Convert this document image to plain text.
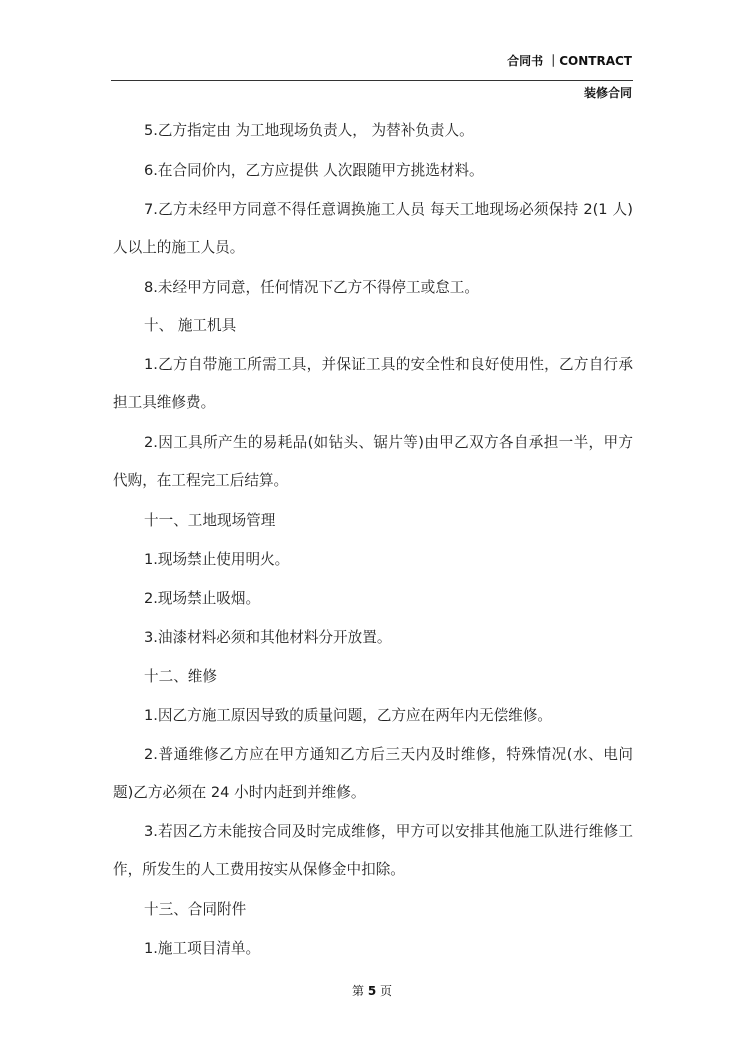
合同书 ｜CONTRACT
装修合同

5.乙方指定由 为工地现场负责人， 为替补负责人。

6.在合同价内，乙方应提供 人次跟随甲方挑选材料。

7.乙方未经甲方同意不得任意调换施工人员 每天工地现场必须保持 2(1 人)人以上的施工人员。

8.未经甲方同意，任何情况下乙方不得停工或怠工。

十、 施工机具

1.乙方自带施工所需工具，并保证工具的安全性和良好使用性，乙方自行承担工具维修费。

2.因工具所产生的易耗品(如钻头、锯片等)由甲乙双方各自承担一半，甲方代购，在工程完工后结算。

十一、工地现场管理

1.现场禁止使用明火。

2.现场禁止吸烟。

3.油漆材料必须和其他材料分开放置。

十二、维修

1.因乙方施工原因导致的质量问题，乙方应在两年内无偿维修。

2.普通维修乙方应在甲方通知乙方后三天内及时维修，特殊情况(水、电问题)乙方必须在 24 小时内赶到并维修。

3.若因乙方未能按合同及时完成维修，甲方可以安排其他施工队进行维修工作，所发生的人工费用按实从保修金中扣除。

十三、合同附件

1.施工项目清单。

第 5 页
